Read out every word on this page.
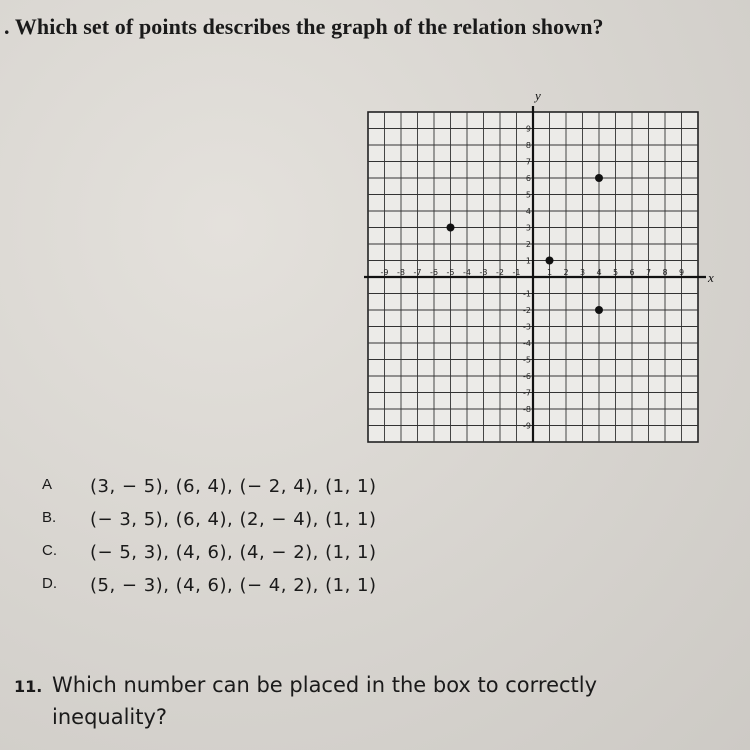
. Which set of points describes the graph of the relation shown?
x
y
-9 -8 -7 -6 -5 -4 -3 -2 -1	1 2 3 4 5 6 7 8 9
9
8
7
6
5
4
3
2
1
-1
-2
-3
-4
-5
-6
-7
-8
-9
A (3, − 5), (6, 4), (− 2, 4), (1, 1)
B. (− 3, 5), (6, 4), (2, − 4), (1, 1)
C. (− 5, 3), (4, 6), (4, − 2), (1, 1)
D. (5, − 3), (4, 6), (− 4, 2), (1, 1)
11. Which number can be placed in the box to correctly
inequality?
